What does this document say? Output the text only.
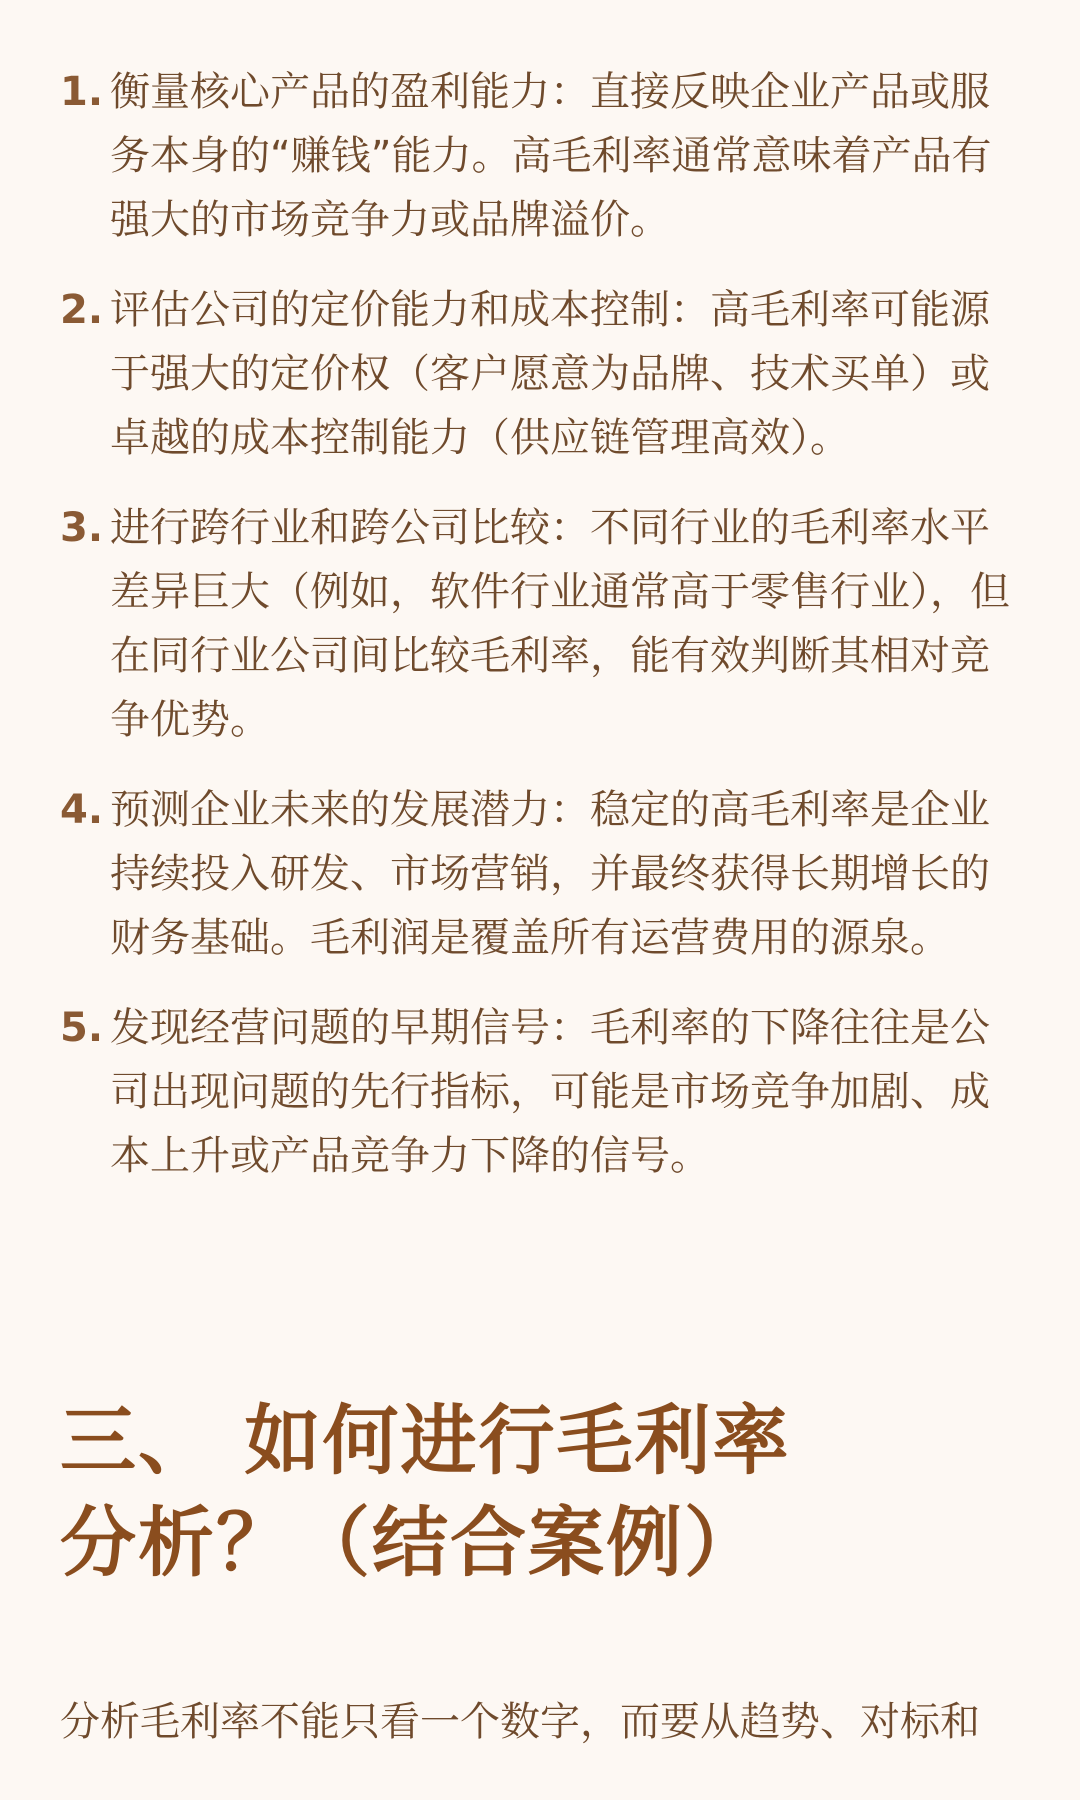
1. 衡量核心产品的盈利能力：直接反映企业产品或服务本身的“赚钱”能力。高毛利率通常意味着产品有强大的市场竞争力或品牌溢价。
2. 评估公司的定价能力和成本控制：高毛利率可能源于强大的定价权（客户愿意为品牌、技术买单）或卓越的成本控制能力（供应链管理高效）。
3. 进行跨行业和跨公司比较：不同行业的毛利率水平差异巨大（例如，软件行业通常高于零售行业），但在同行业公司间比较毛利率，能有效判断其相对竞争优势。
4. 预测企业未来的发展潜力：稳定的高毛利率是企业持续投入研发、市场营销，并最终获得长期增长的财务基础。毛利润是覆盖所有运营费用的源泉。
5. 发现经营问题的早期信号：毛利率的下降往往是公司出现问题的先行指标，可能是市场竞争加剧、成本上升或产品竞争力下降的信号。
三、 如何进行毛利率分析？（结合案例）

分析毛利率不能只看一个数字，而要从趋势、对标和
